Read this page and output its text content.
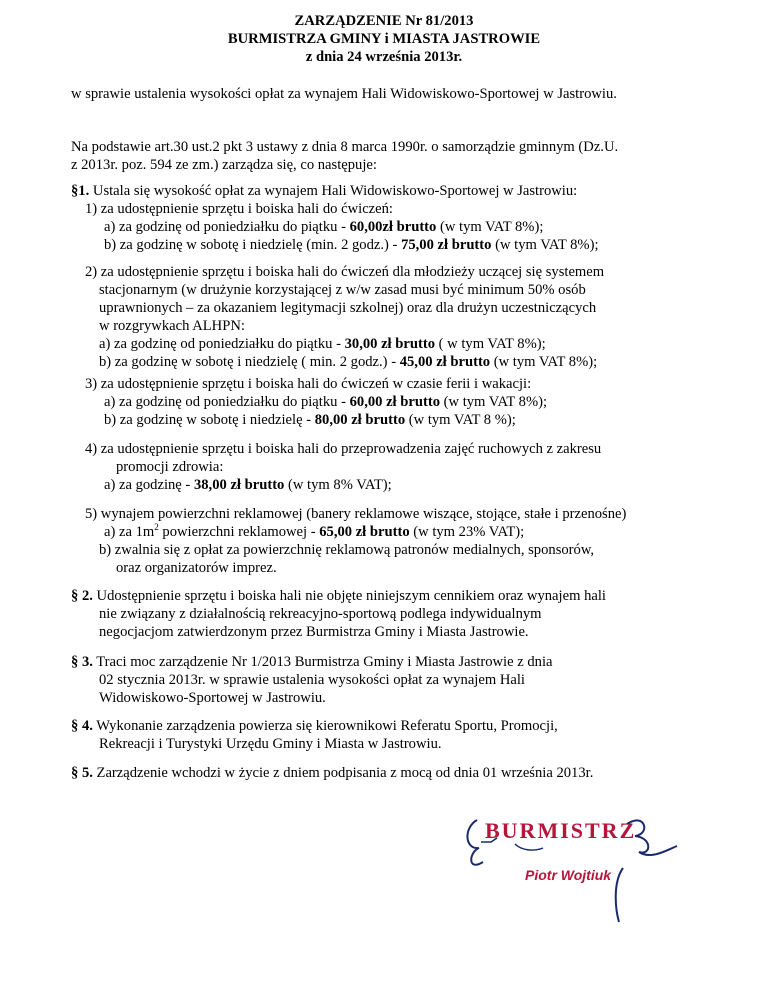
ZARZĄDZENIE Nr 81/2013
BURMISTRZA GMINY i MIASTA JASTROWIE
z dnia 24 września 2013r.
w sprawie ustalenia wysokości opłat za wynajem Hali Widowiskowo-Sportowej w Jastrowiu.
Na podstawie art.30 ust.2 pkt 3 ustawy z dnia 8 marca 1990r. o samorządzie gminnym (Dz.U.
z 2013r. poz. 594 ze zm.) zarządza się, co następuje:
§1. Ustala się wysokość opłat za wynajem Hali Widowiskowo-Sportowej w Jastrowiu:
1) za udostępnienie sprzętu i boiska hali do ćwiczeń:
a) za godzinę od poniedziałku do piątku - 60,00zł brutto (w tym VAT 8%);
b) za godzinę w sobotę i niedzielę (min. 2 godz.) - 75,00 zł brutto (w tym VAT 8%);
2) za udostępnienie sprzętu i boiska hali do ćwiczeń dla młodzieży uczącej się systemem
stacjonarnym (w drużynie korzystającej z w/w zasad musi być minimum 50% osób
uprawnionych – za okazaniem legitymacji szkolnej) oraz dla drużyn uczestniczących
w rozgrywkach ALHPN:
a) za godzinę od poniedziałku do piątku - 30,00 zł brutto ( w tym VAT 8%);
b) za godzinę w sobotę i niedzielę ( min. 2 godz.) - 45,00 zł brutto (w tym VAT 8%);
3) za udostępnienie sprzętu i boiska hali do ćwiczeń w czasie ferii i wakacji:
a) za godzinę od poniedziałku do piątku - 60,00 zł brutto (w tym VAT 8%);
b) za godzinę w sobotę i niedzielę - 80,00 zł brutto (w tym VAT 8 %);
4) za udostępnienie sprzętu i boiska hali do przeprowadzenia zajęć ruchowych z zakresu
promocji zdrowia:
a) za godzinę - 38,00 zł brutto (w tym 8% VAT);
5) wynajem powierzchni reklamowej (banery reklamowe wiszące, stojące, stałe i przenośne)
a) za $1m^2$ powierzchni reklamowej - 65,00 zł brutto (w tym 23% VAT);
b) zwalnia się z opłat za powierzchnię reklamową patronów medialnych, sponsorów,
oraz organizatorów imprez.
§ 2. Udostępnienie sprzętu i boiska hali nie objęte niniejszym cennikiem oraz wynajem hali
nie związany z działalnością rekreacyjno-sportową podlega indywidualnym
negocjacjom zatwierdzonym przez Burmistrza Gminy i Miasta Jastrowie.
§ 3. Traci moc zarządzenie Nr 1/2013 Burmistrza Gminy i Miasta Jastrowie z dnia
02 stycznia 2013r. w sprawie ustalenia wysokości opłat za wynajem Hali
Widowiskowo-Sportowej w Jastrowiu.
§ 4. Wykonanie zarządzenia powierza się kierownikowi Referatu Sportu, Promocji,
Rekreacji i Turystyki Urzędu Gminy i Miasta w Jastrowiu.
§ 5. Zarządzenie wchodzi w życie z dniem podpisania z mocą od dnia 01 września 2013r.
BURMISTRZ
Piotr Wojtiuk
